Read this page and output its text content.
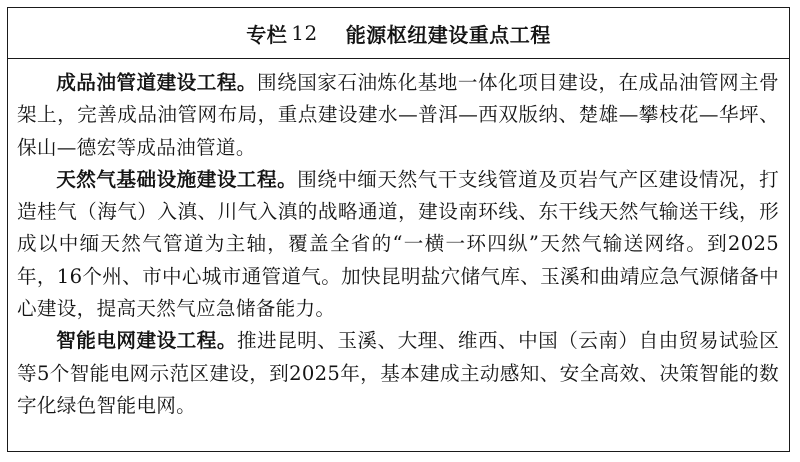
专栏 12 能源枢纽建设重点工程

成品油管道建设工程。围绕国家石油炼化基地一体化项目建设，在成品油管网主骨架上，完善成品油管网布局，重点建设建水—普洱—西双版纳、楚雄—攀枝花—华坪、保山—德宏等成品油管道。

天然气基础设施建设工程。围绕中缅天然气干支线管道及页岩气产区建设情况，打造桂气（海气）入滇、川气入滇的战略通道，建设南环线、东干线天然气输送干线，形成以中缅天然气管道为主轴，覆盖全省的“一横一环四纵”天然气输送网络。到2025年，16个州、市中心城市通管道气。加快昆明盐穴储气库、玉溪和曲靖应急气源储备中心建设，提高天然气应急储备能力。

智能电网建设工程。推进昆明、玉溪、大理、维西、中国（云南）自由贸易试验区等5个智能电网示范区建设，到2025年，基本建成主动感知、安全高效、决策智能的数字化绿色智能电网。
